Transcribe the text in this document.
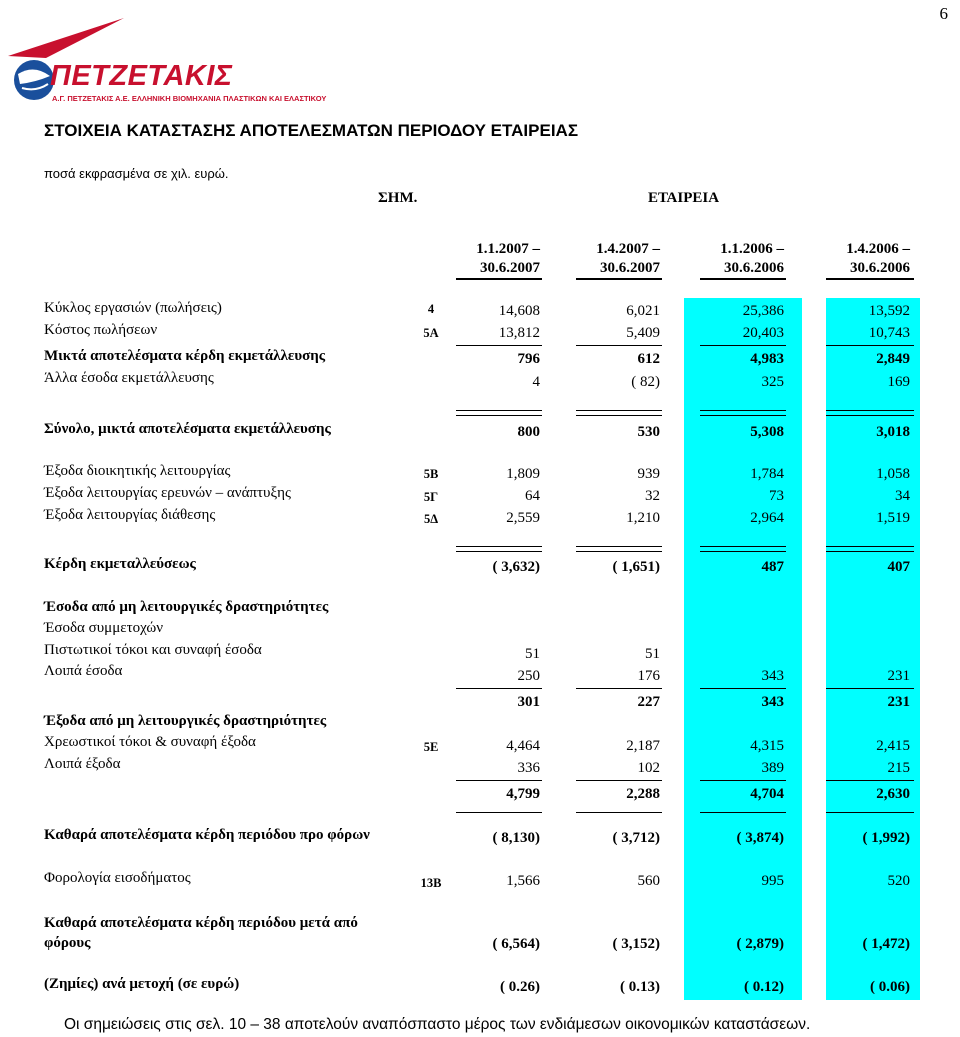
6
ΠΕΤΖΕΤΑΚΙΣ
Α.Γ. ΠΕΤΖΕΤΑΚΙΣ Α.Ε. ΕΛΛΗΝΙΚΗ ΒΙΟΜΗΧΑΝΙΑ ΠΛΑΣΤΙΚΩΝ ΚΑΙ ΕΛΑΣΤΙΚΟΥ
ΣΤΟΙΧΕΙΑ ΚΑΤΑΣΤΑΣΗΣ ΑΠΟΤΕΛΕΣΜΑΤΩΝ ΠΕΡΙΟΔΟΥ ΕΤΑΙΡΕΙΑΣ
ποσά εκφρασμένα σε χιλ. ευρώ.
ΣΗΜ.	ΕΤΑΙΡΕΙΑ
1.1.2007 –
30.6.2007
1.4.2007 –
30.6.2007
1.1.2006 –
30.6.2006
1.4.2006 –
30.6.2006
Κύκλος εργασιών (πωλήσεις)	4	14,608	6,021	25,386	13,592
Κόστος πωλήσεων	5Α	13,812	5,409	20,403	10,743
Μικτά αποτελέσματα κέρδη εκμετάλλευσης	796	612	4,983	2,849
Άλλα έσοδα εκμετάλλευσης	4	( 82)	325	169
Σύνολο, μικτά αποτελέσματα εκμετάλλευσης	800	530	5,308	3,018
Έξοδα διοικητικής λειτουργίας	5Β	1,809	939	1,784	1,058
Έξοδα λειτουργίας ερευνών – ανάπτυξης	5Γ	64	32	73	34
Έξοδα λειτουργίας διάθεσης	5Δ	2,559	1,210	2,964	1,519
Κέρδη εκμεταλλεύσεως	( 3,632)	( 1,651)	487	407
Έσοδα από μη λειτουργικές δραστηριότητες
Έσοδα συμμετοχών
Πιστωτικοί τόκοι και συναφή έσοδα	51	51
Λοιπά έσοδα	250	176	343	231
301	227	343	231
Έξοδα από μη λειτουργικές δραστηριότητες
Χρεωστικοί τόκοι & συναφή έξοδα	5Ε	4,464	2,187	4,315	2,415
Λοιπά έξοδα	336	102	389	215
4,799	2,288	4,704	2,630
Καθαρά αποτελέσματα κέρδη περιόδου προ φόρων	( 8,130)	( 3,712)	( 3,874)	( 1,992)
Φορολογία εισοδήματος	13Β	1,566	560	995	520
Καθαρά αποτελέσματα κέρδη περιόδου μετά από
φόρους	( 6,564)	( 3,152)	( 2,879)	( 1,472)
(Ζημίες) ανά μετοχή (σε ευρώ)	( 0.26)	( 0.13)	( 0.12)	( 0.06)
Οι σημειώσεις στις σελ. 10 – 38 αποτελούν αναπόσπαστο μέρος των ενδιάμεσων οικονομικών καταστάσεων.
